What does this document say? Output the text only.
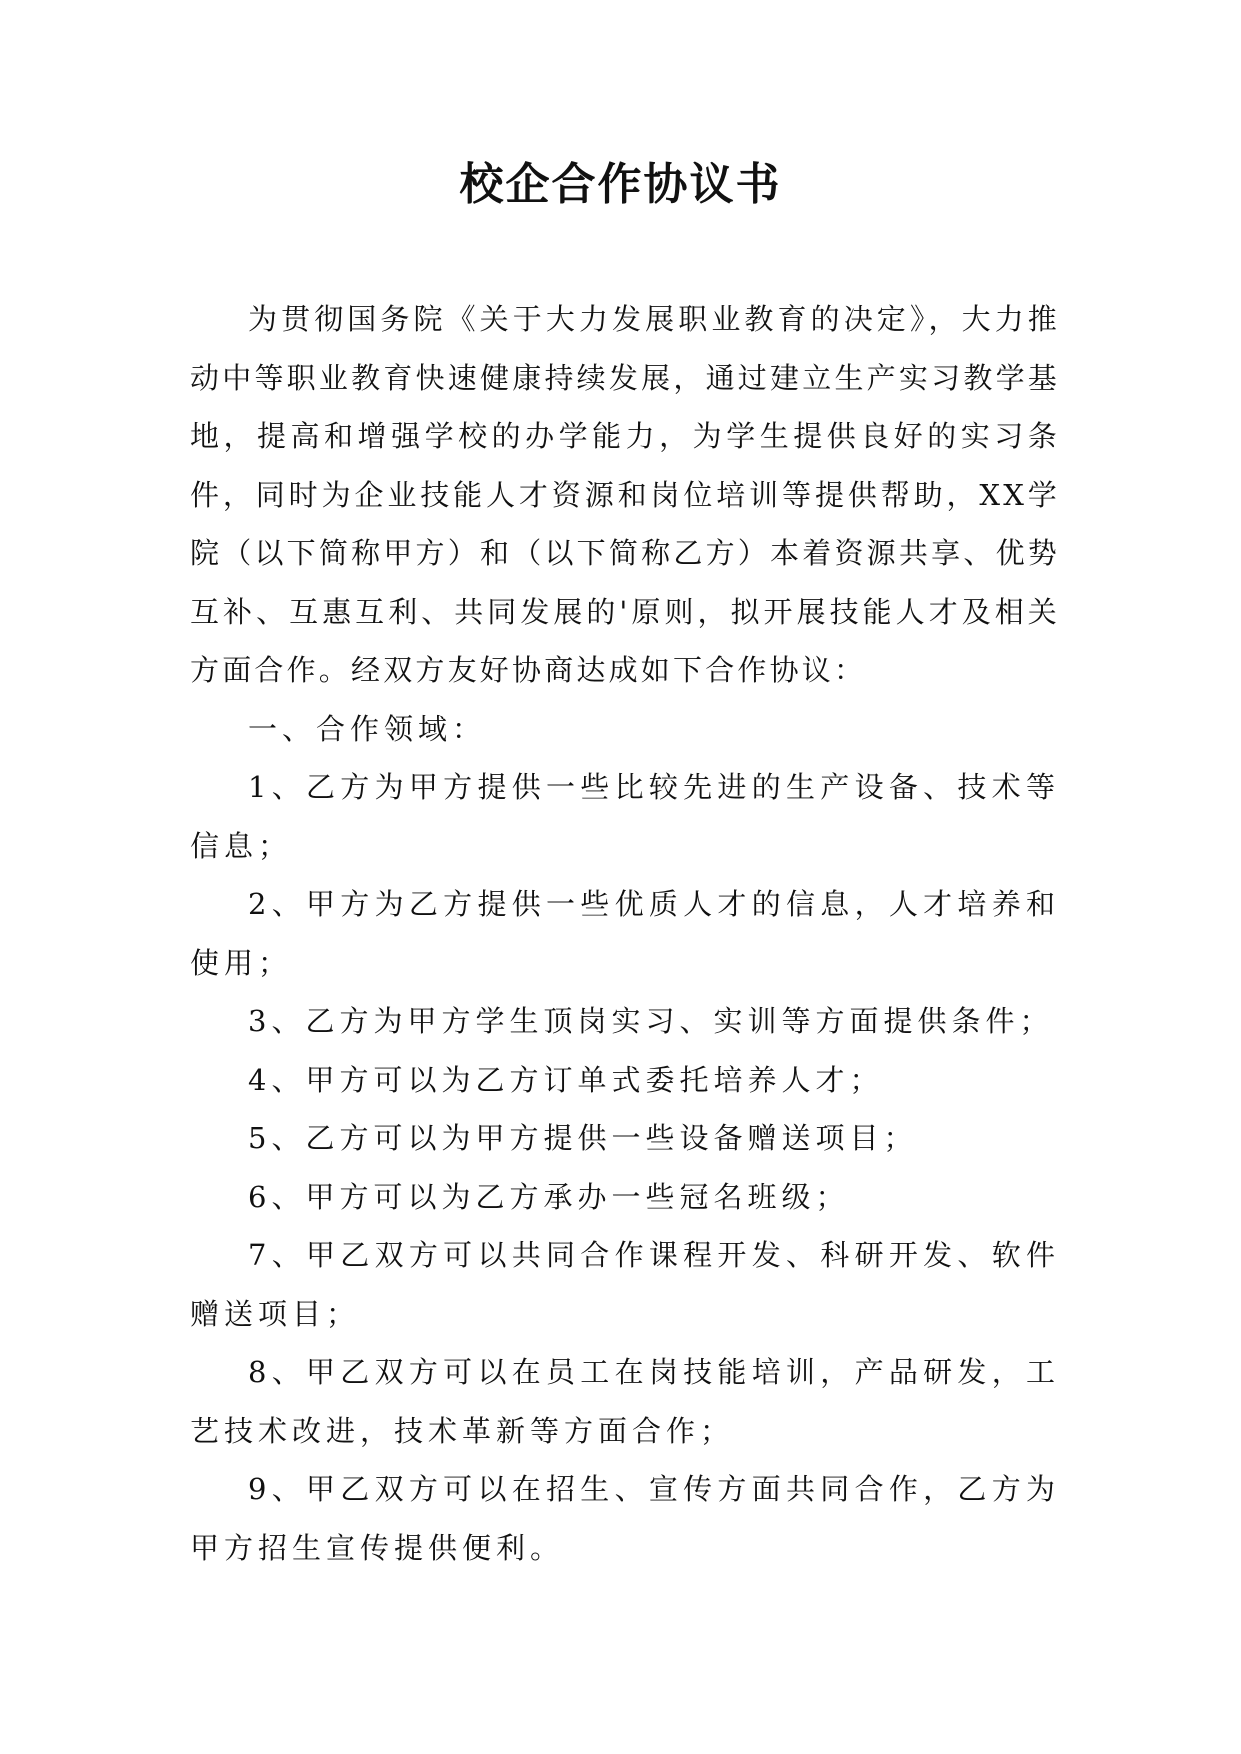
校企合作协议书

为贯彻国务院《关于大力发展职业教育的决定》，大力推动中等职业教育快速健康持续发展，通过建立生产实习教学基地，提高和增强学校的办学能力，为学生提供良好的实习条件，同时为企业技能人才资源和岗位培训等提供帮助，XX学院（以下简称甲方）和（以下简称乙方）本着资源共享、优势互补、互惠互利、共同发展的'原则，拟开展技能人才及相关方面合作。经双方友好协商达成如下合作协议：

一、合作领域：

1、乙方为甲方提供一些比较先进的生产设备、技术等信息；

2、甲方为乙方提供一些优质人才的信息，人才培养和使用；

3、乙方为甲方学生顶岗实习、实训等方面提供条件；

4、甲方可以为乙方订单式委托培养人才；

5、乙方可以为甲方提供一些设备赠送项目；

6、甲方可以为乙方承办一些冠名班级；

7、甲乙双方可以共同合作课程开发、科研开发、软件赠送项目；

8、甲乙双方可以在员工在岗技能培训，产品研发，工艺技术改进，技术革新等方面合作；

9、甲乙双方可以在招生、宣传方面共同合作，乙方为甲方招生宣传提供便利。
